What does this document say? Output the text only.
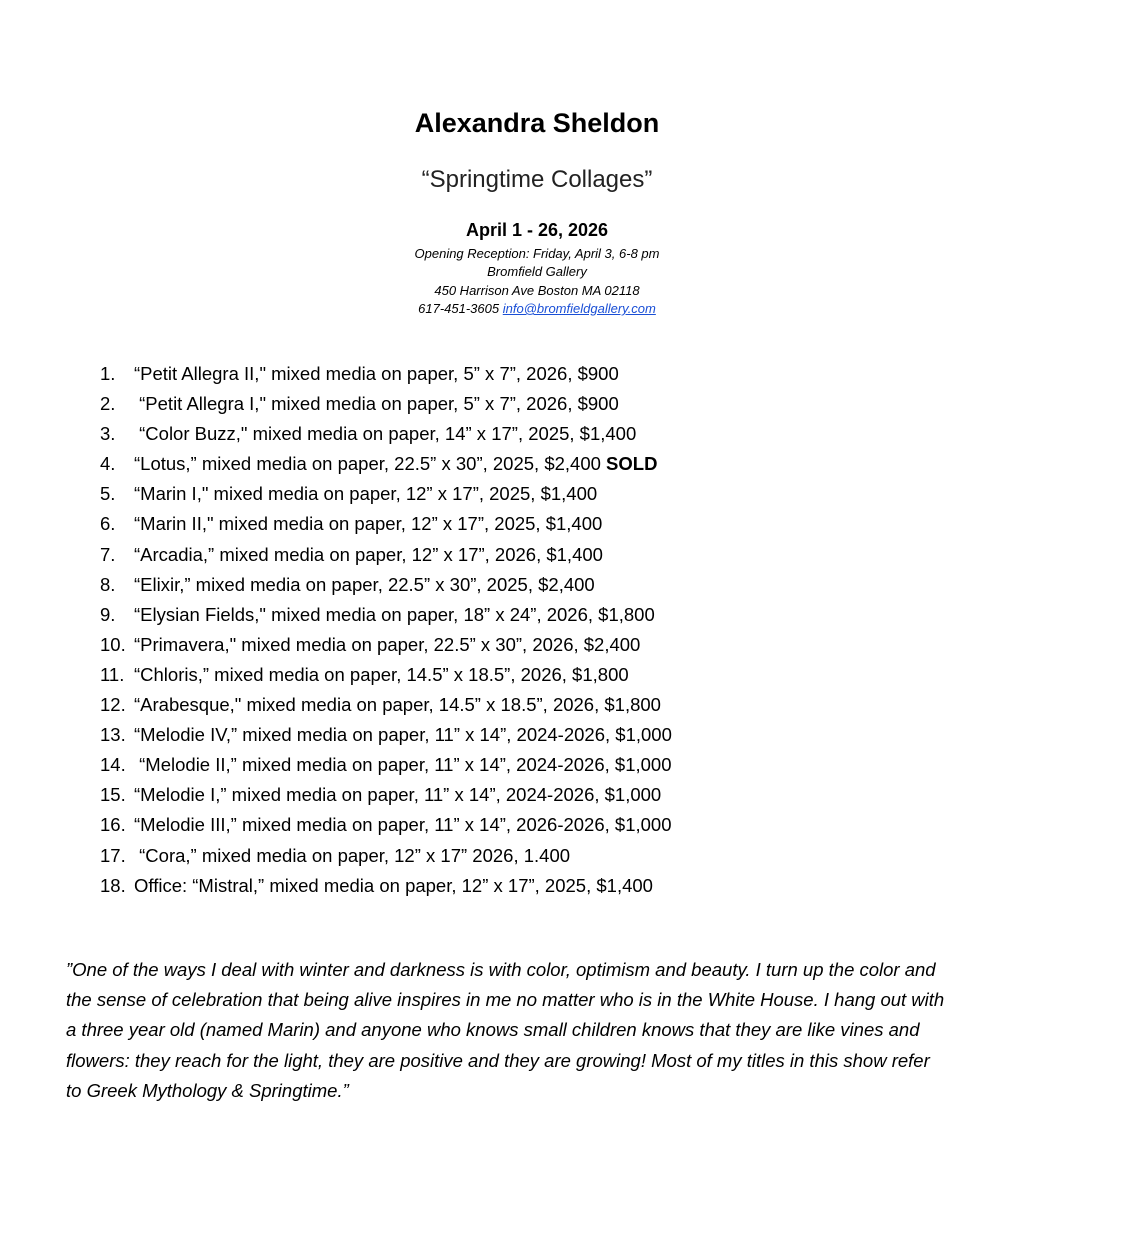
Alexandra Sheldon
“Springtime Collages”
April 1 - 26, 2026
Opening Reception: Friday, April 3, 6-8 pm
Bromfield Gallery
450 Harrison Ave Boston MA 02118
617-451-3605 info@bromfieldgallery.com
1.	“Petit Allegra II," mixed media on paper, 5” x 7”, 2026, $900
2.	“Petit Allegra I," mixed media on paper, 5” x 7”, 2026, $900
3.	“Color Buzz," mixed media on paper, 14” x 17”, 2025, $1,400
4.	“Lotus,” mixed media on paper, 22.5” x 30”, 2025, $2,400 SOLD
5.	“Marin I," mixed media on paper, 12” x 17”, 2025, $1,400
6.	“Marin II," mixed media on paper, 12” x 17”, 2025, $1,400
7.	“Arcadia,” mixed media on paper, 12” x 17”, 2026, $1,400
8.	“Elixir,” mixed media on paper, 22.5” x 30”, 2025, $2,400
9.	“Elysian Fields," mixed media on paper, 18” x 24”, 2026, $1,800
10. “Primavera," mixed media on paper, 22.5” x 30”, 2026, $2,400
11. “Chloris,” mixed media on paper, 14.5” x 18.5”, 2026, $1,800
12. “Arabesque," mixed media on paper, 14.5” x 18.5”, 2026, $1,800
13. “Melodie IV,” mixed media on paper, 11” x 14”, 2024-2026, $1,000
14. “Melodie II,” mixed media on paper, 11” x 14”, 2024-2026, $1,000
15. “Melodie I,” mixed media on paper, 11” x 14”, 2024-2026, $1,000
16. “Melodie III,” mixed media on paper, 11” x 14”, 2026-2026, $1,000
17. “Cora,” mixed media on paper, 12” x 17” 2026, 1.400
18. Office: “Mistral,” mixed media on paper, 12” x 17”, 2025, $1,400
”One of the ways I deal with winter and darkness is with color, optimism and beauty. I turn up the color and
the sense of celebration that being alive inspires in me no matter who is in the White House. I hang out with
a three year old (named Marin) and anyone who knows small children knows that they are like vines and
flowers: they reach for the light, they are positive and they are growing! Most of my titles in this show refer
to Greek Mythology & Springtime.”
